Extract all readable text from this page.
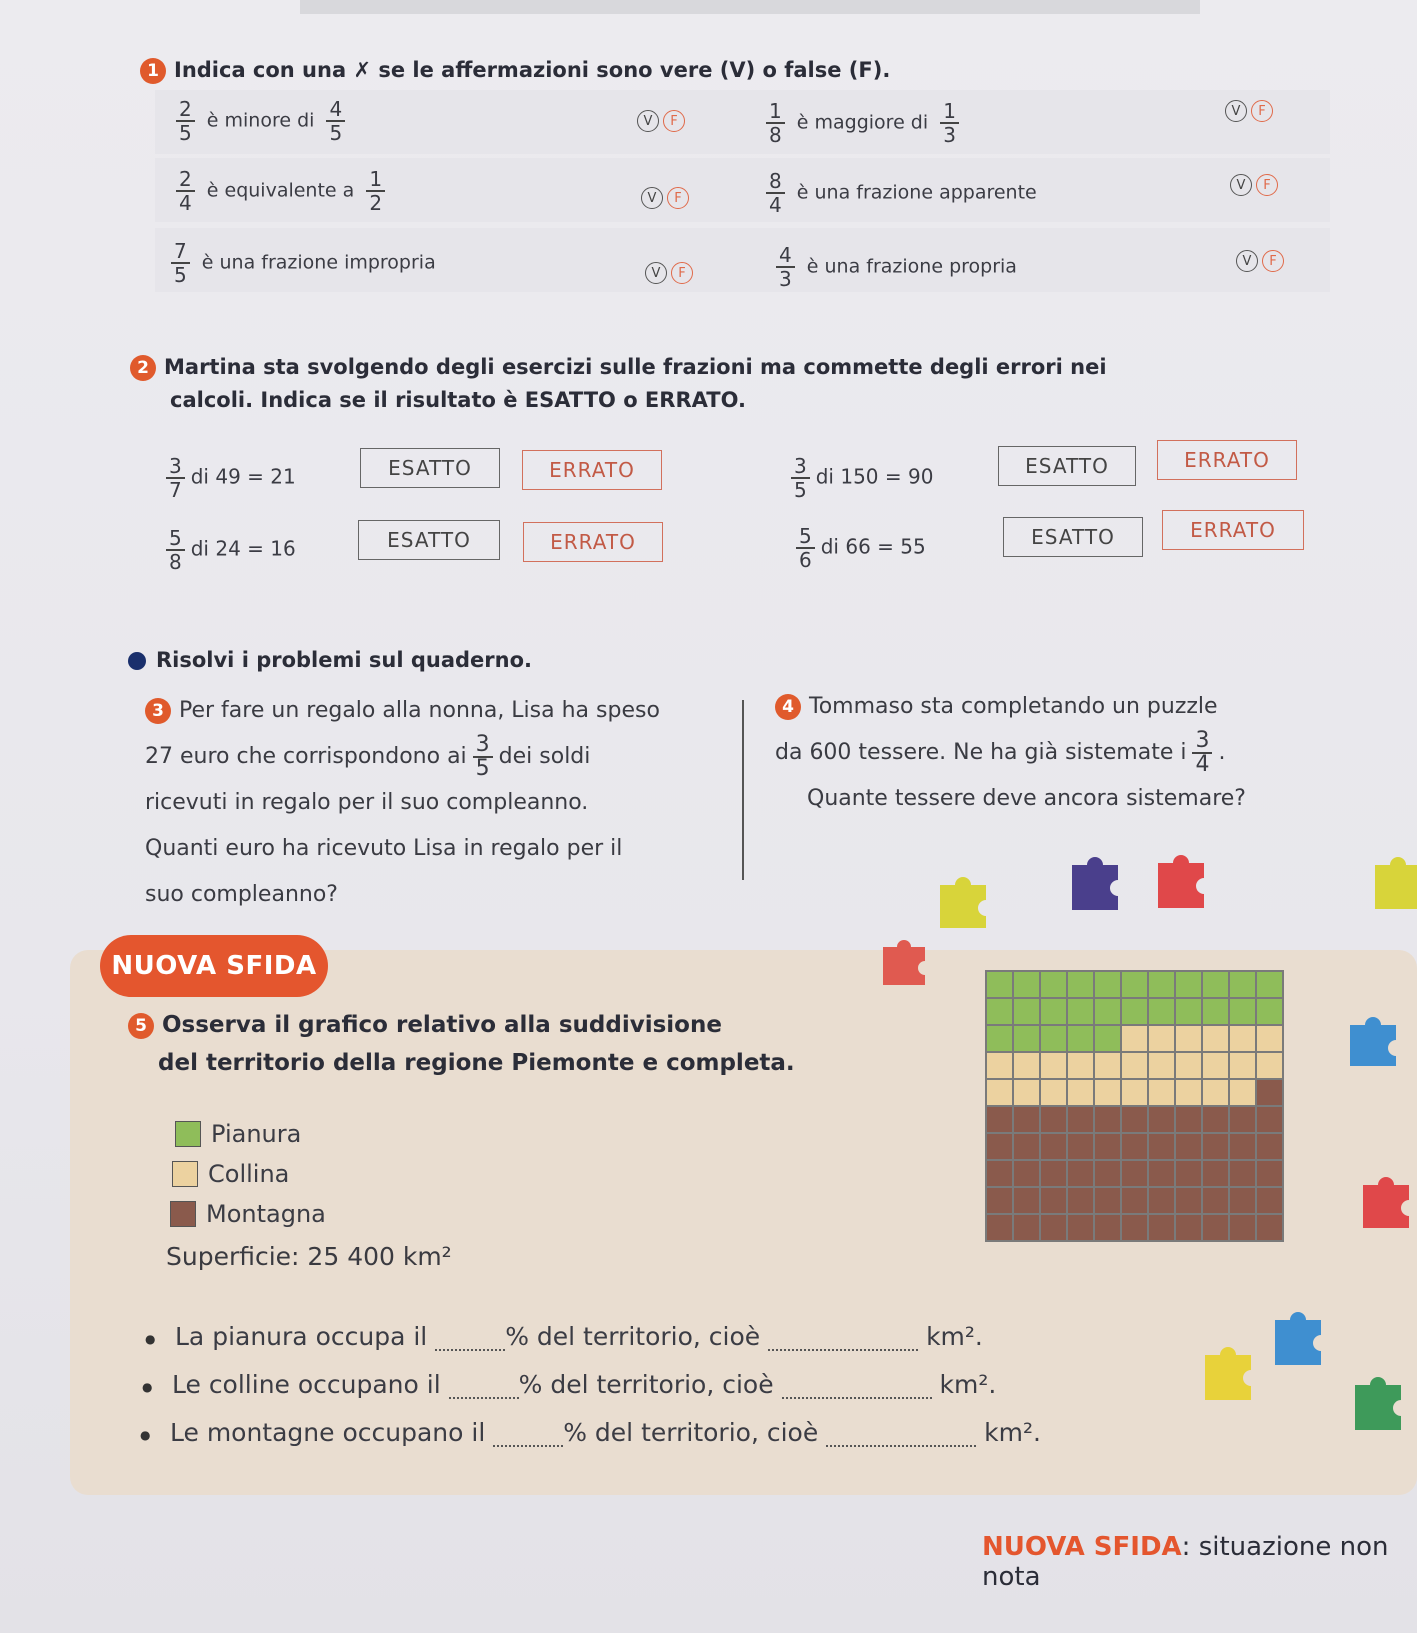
1 Indica con una ✗ se le affermazioni sono vere (V) o false (F).
$\frac{2}{5}$ è minore di $\frac{4}{5}$	V	F	$\frac{1}{8}$ è maggiore di $\frac{1}{3}$	V	F
$\frac{2}{4}$ è equivalente a $\frac{1}{2}$	V	F	$\frac{8}{4}$ è una frazione apparente	V	F
$\frac{7}{5}$ è una frazione impropria	V	F	$\frac{4}{3}$ è una frazione propria	V	F
2 Martina sta svolgendo degli esercizi sulle frazioni ma commette degli errori nei
calcoli. Indica se il risultato è ESATTO o ERRATO.
$\frac{3}{7}$ di 49 = 21	ESATTO	ERRATO	$\frac{3}{5}$ di 150 = 90	ESATTO	ERRATO
$\frac{5}{8}$ di 24 = 16	ESATTO	ERRATO	$\frac{5}{6}$ di 66 = 55	ESATTO	ERRATO
Risolvi i problemi sul quaderno.
3 Per fare un regalo alla nonna, Lisa ha speso
27 euro che corrispondono ai $\frac{3}{5}$ dei soldi
ricevuti in regalo per il suo compleanno.
Quanti euro ha ricevuto Lisa in regalo per il
suo compleanno?
4 Tommaso sta completando un puzzle
da 600 tessere. Ne ha già sistemate i $\frac{3}{4}$ .
Quante tessere deve ancora sistemare?
NUOVA SFIDA
5 Osserva il grafico relativo alla suddivisione
del territorio della regione Piemonte e completa.
Pianura
Collina
Montagna
Superficie: 25 400 km²
● La pianura occupa il	% del territorio, cioè	km².
● Le colline occupano il	% del territorio, cioè	km².
● Le montagne occupano il	% del territorio, cioè	km².
NUOVA SFIDA: situazione non nota
